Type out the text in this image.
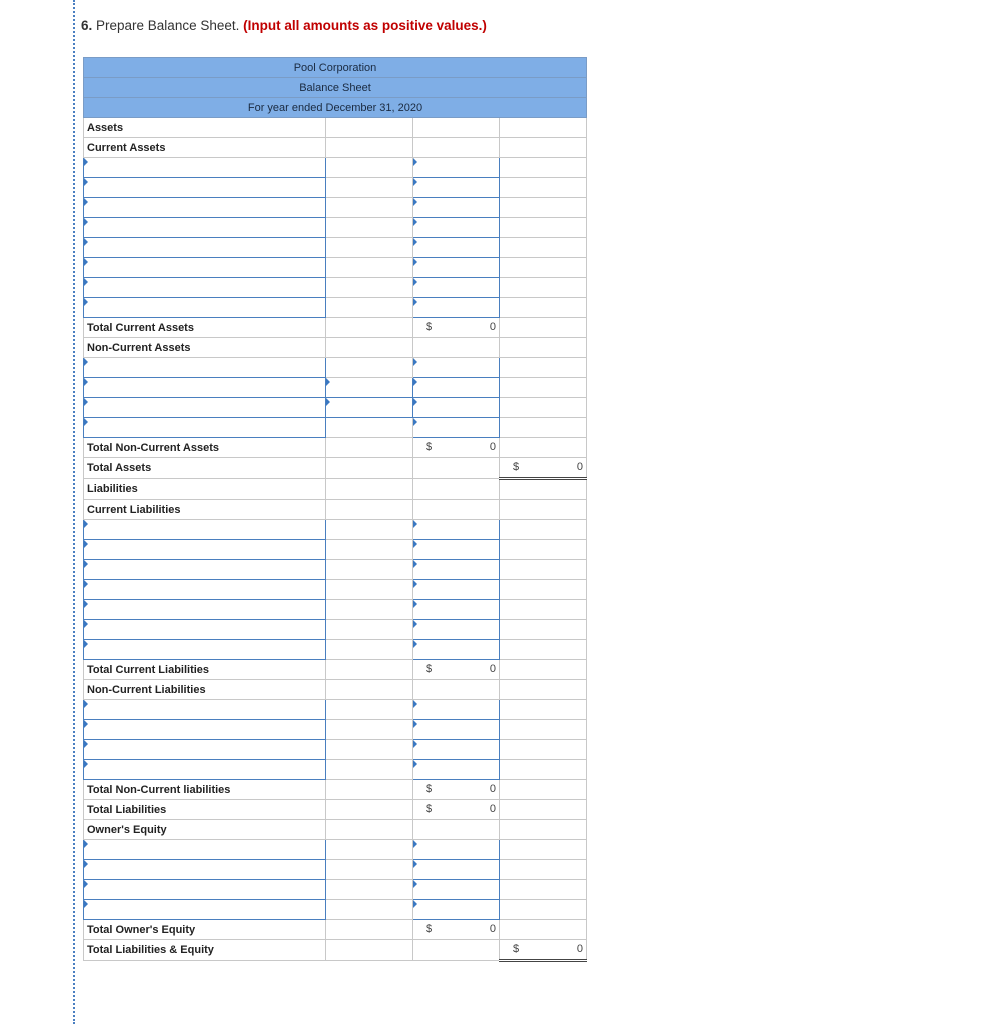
6. Prepare Balance Sheet. (Input all amounts as positive values.)
Pool Corporation			
Balance Sheet			
For year ended December 31, 2020			
Assets			
Current Assets			

Total Current Assets		$ 0	

Non-Current Assets			

Total Non-Current Assets		$ 0	

Total Assets			$ 0

Liabilities			
Current Liabilities			

Total Current Liabilities		$ 0	

Non-Current Liabilities			

Total Non-Current liabilities		$ 0	

Total Liabilities		$ 0	

Owner's Equity			

Total Owner's Equity		$ 0	

Total Liabilities & Equity			$ 0
